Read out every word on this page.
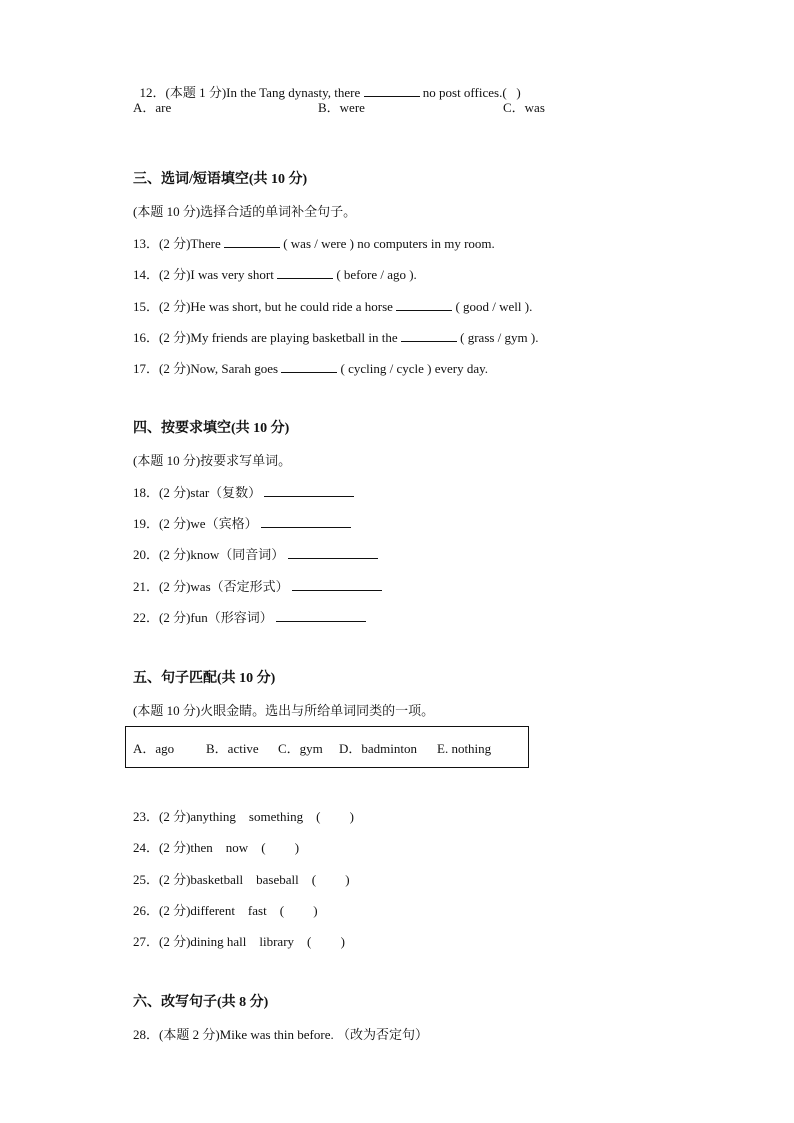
12．(本题 1 分)In the Tang dynasty, there	no post offices.(   )

A．are	B．were	C．was
三、选词/短语填空(共 10 分)
(本题 10 分)选择合适的单词补全句子。
13．(2 分)There	( was / were ) no computers in my room.
14．(2 分)I was very short	( before / ago ).
15．(2 分)He was short, but he could ride a horse	( good / well ).
16．(2 分)My friends are playing basketball in the	( grass / gym ).
17．(2 分)Now, Sarah goes	( cycling / cycle ) every day.
四、按要求填空(共 10 分)
(本题 10 分)按要求写单词。
18．(2 分)star（复数）
19．(2 分)we（宾格）
20．(2 分)know（同音词）
21．(2 分)was（否定形式）
22．(2 分)fun（形容词）
五、句子匹配(共 10 分)
(本题 10 分)火眼金睛。选出与所给单词同类的一项。
A．ago B．active C．gym D．badminton E. nothing
23．(2 分)anything    something (         )
24．(2 分)then    now (         )
25．(2 分)basketball    baseball (         )
26．(2 分)different    fast (         )
27．(2 分)dining hall    library (         )
六、改写句子(共 8 分)
28．(本题 2 分)Mike was thin before. （改为否定句）
